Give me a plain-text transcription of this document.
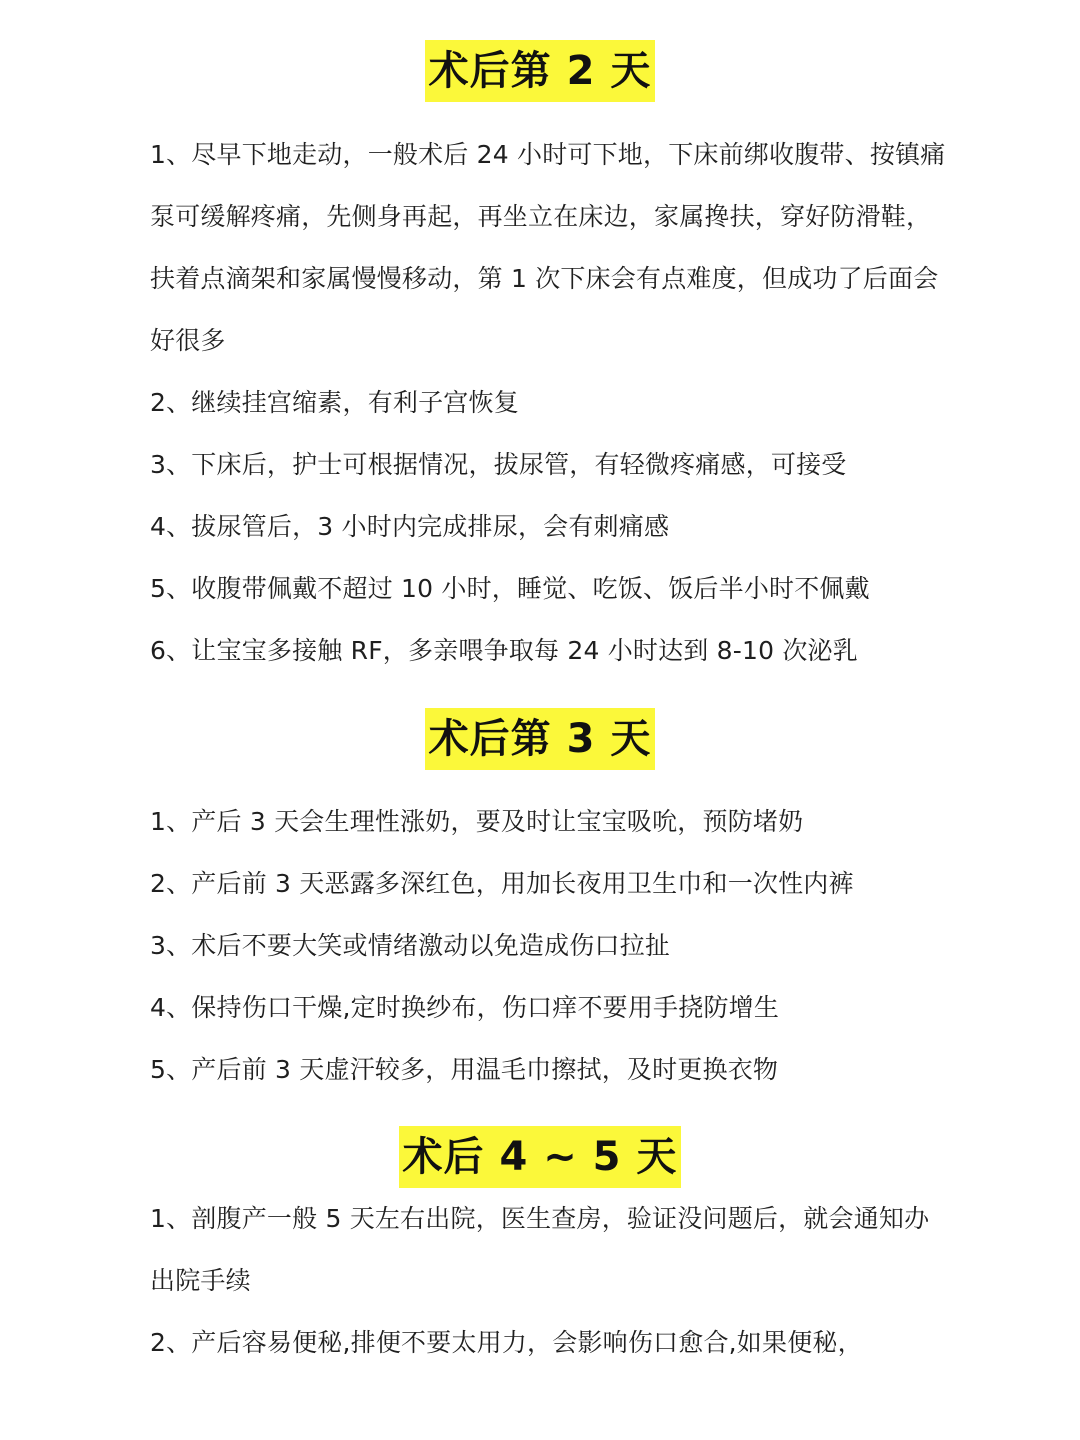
术后第 2 天
1、尽早下地走动，一般术后 24 小时可下地，下床前绑收腹带、按镇痛泵可缓解疼痛，先侧身再起，再坐立在床边，家属搀扶，穿好防滑鞋，扶着点滴架和家属慢慢移动，第 1 次下床会有点难度，但成功了后面会好很多
2、继续挂宫缩素，有利子宫恢复
3、下床后，护士可根据情况，拔尿管，有轻微疼痛感，可接受
4、拔尿管后，3 小时内完成排尿，会有刺痛感
5、收腹带佩戴不超过 10 小时，睡觉、吃饭、饭后半小时不佩戴
6、让宝宝多接触 RF，多亲喂争取每 24 小时达到 8-10 次泌乳
术后第 3 天
1、产后 3 天会生理性涨奶，要及时让宝宝吸吮，预防堵奶
2、产后前 3 天恶露多深红色，用加长夜用卫生巾和一次性内裤
3、术后不要大笑或情绪激动以免造成伤口拉扯
4、保持伤口干燥,定时换纱布，伤口痒不要用手挠防增生
5、产后前 3 天虚汗较多，用温毛巾擦拭，及时更换衣物
术后 4 ~ 5 天
1、剖腹产一般 5 天左右出院，医生查房，验证没问题后，就会通知办出院手续
2、产后容易便秘,排便不要太用力，会影响伤口愈合,如果便秘，
